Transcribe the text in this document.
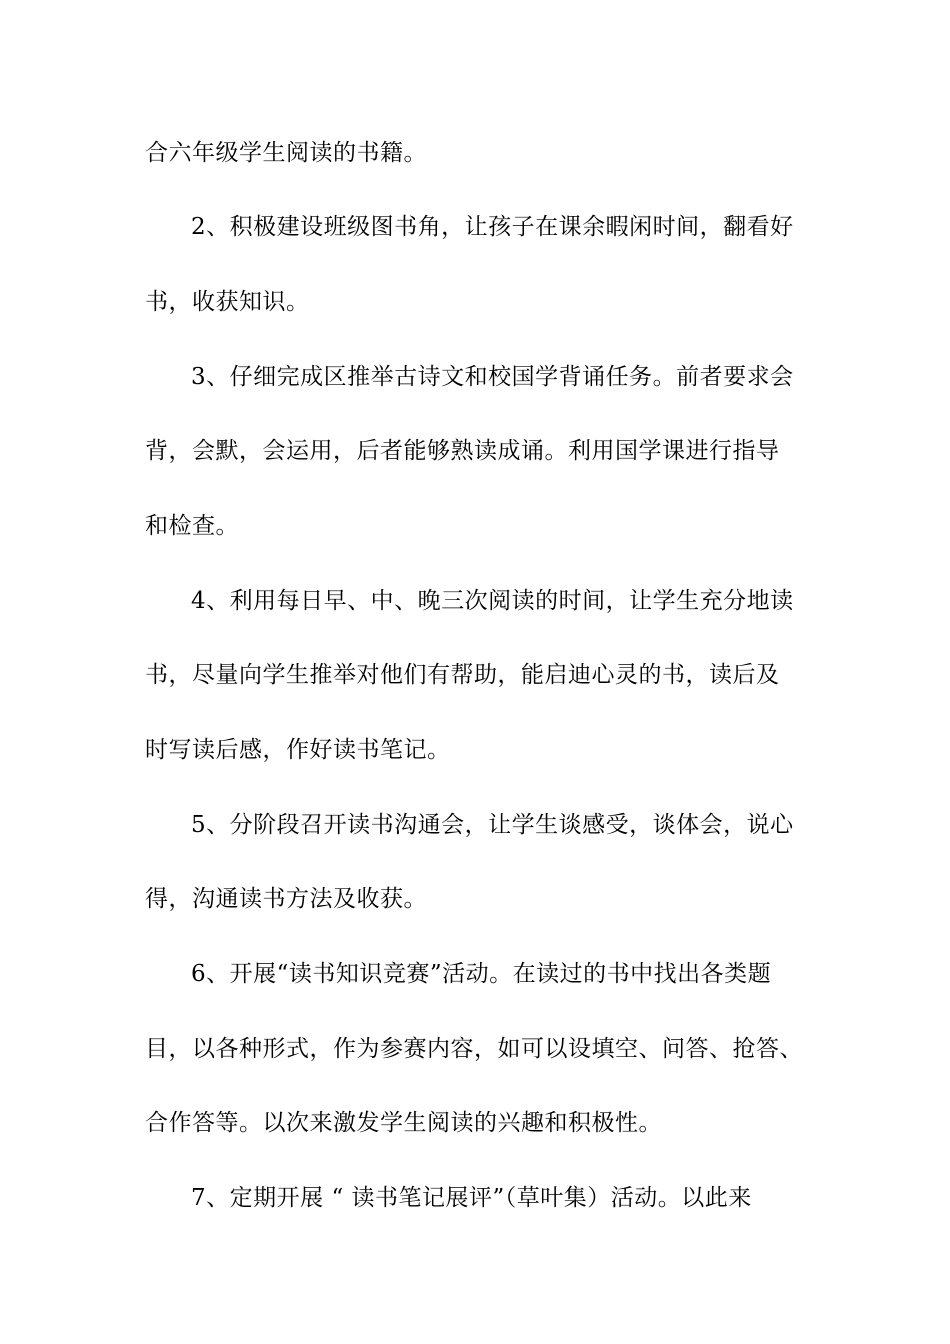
合六年级学生阅读的书籍。
2、积极建设班级图书角，让孩子在课余暇闲时间，翻看好
书，收获知识。
3、仔细完成区推举古诗文和校国学背诵任务。前者要求会
背，会默，会运用，后者能够熟读成诵。利用国学课进行指导
和检查。
4、利用每日早、中、晚三次阅读的时间，让学生充分地读
书，尽量向学生推举对他们有帮助，能启迪心灵的书，读后及
时写读后感，作好读书笔记。
5、分阶段召开读书沟通会，让学生谈感受，谈体会，说心
得，沟通读书方法及收获。
6、开展“读书知识竞赛”活动。在读过的书中找出各类题
目，以各种形式，作为参赛内容，如可以设填空、问答、抢答、
合作答等。以次来激发学生阅读的兴趣和积极性。
7、定期开展 “ 读书笔记展评”（草叶集）活动。以此来
